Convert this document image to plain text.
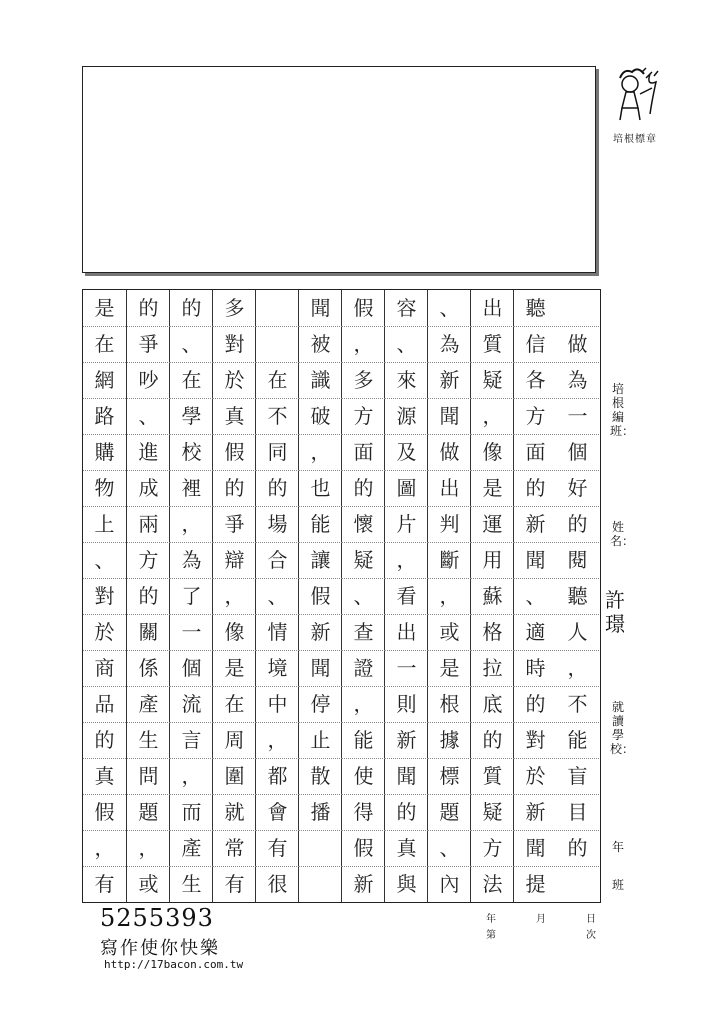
培根標章
做
為
一
個
好
的
閱
聽
人
，
不
能
盲
目
的
聽
信
各
方
面
的
新
聞
、
適
時
的
對
於
新
聞
提
出
質
疑
，
像
是
運
用
蘇
格
拉
底
的
質
疑
方
法
、
為
新
聞
做
出
判
斷
，
或
是
根
據
標
題
、
內
容
、
來
源
及
圖
片
，
看
出
一
則
新
聞
的
真
與
假
，
多
方
面
的
懷
疑
、
查
證
，
能
使
得
假
新
聞
被
識
破
，
也
能
讓
假
新
聞
停
止
散
播
在
不
同
的
場
合
、
情
境
中
，
都
會
有
很
多
對
於
真
假
的
爭
辯
，
像
是
在
周
圍
就
常
有
的
、
在
學
校
裡
，
為
了
一
個
流
言
，
而
產
生
的
爭
吵
、
進
成
兩
方
的
關
係
產
生
問
題
，
或
是
在
網
路
購
物
上
、
對
於
商
品
的
真
假
，
有
培根編班：
姓名：
許璟
就讀學校：
年
班
年	月	日
第	次
5255393
寫作使你快樂
http://17bacon.com.tw
